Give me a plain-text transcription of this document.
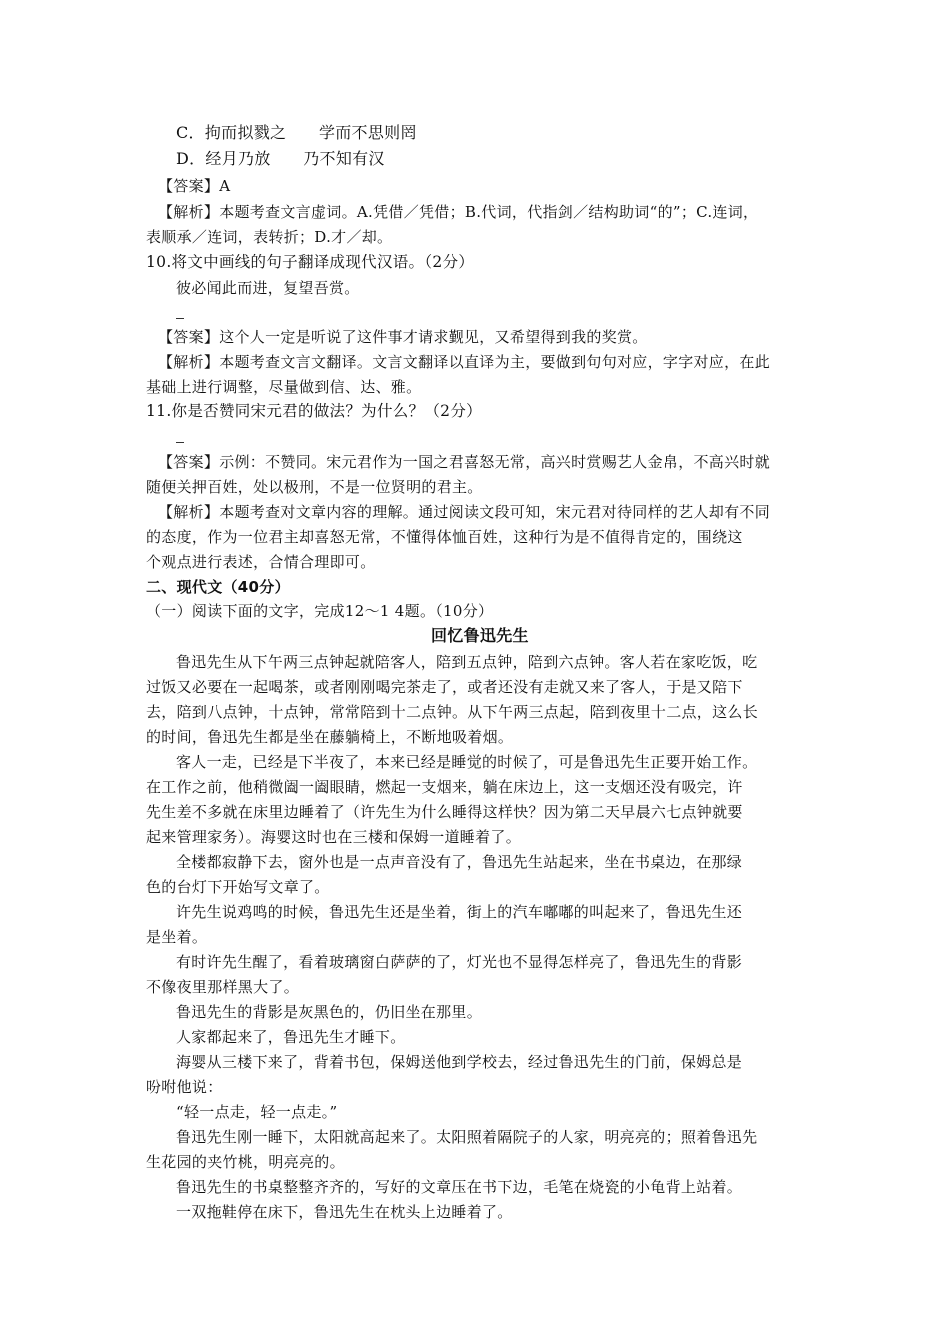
C．拘而拟戮之　　学而不思则罔
D．经月乃放　　乃不知有汉
【答案】A
【解析】本题考查文言虚词。A.凭借／凭借；B.代词，代指剑／结构助词“的”；C.连词，
表顺承／连词，表转折；D.才／却。
10.将文中画线的句子翻译成现代汉语。（2分）
彼必闻此而进，复望吾赏。
【答案】这个人一定是听说了这件事才请求觐见，又希望得到我的奖赏。
【解析】本题考查文言文翻译。文言文翻译以直译为主，要做到句句对应，字字对应，在此
基础上进行调整，尽量做到信、达、雅。
11.你是否赞同宋元君的做法？为什么？（2分）
【答案】示例：不赞同。宋元君作为一国之君喜怒无常，高兴时赏赐艺人金帛，不高兴时就
随便关押百姓，处以极刑，不是一位贤明的君主。
【解析】本题考查对文章内容的理解。通过阅读文段可知，宋元君对待同样的艺人却有不同
的态度，作为一位君主却喜怒无常，不懂得体恤百姓，这种行为是不值得肯定的，围绕这
个观点进行表述，合情合理即可。
二、现代文（40分）
（一）阅读下面的文字，完成12～1 4题。（10分）
回忆鲁迅先生
鲁迅先生从下午两三点钟起就陪客人，陪到五点钟，陪到六点钟。客人若在家吃饭，吃
过饭又必要在一起喝茶，或者刚刚喝完茶走了，或者还没有走就又来了客人，于是又陪下
去，陪到八点钟，十点钟，常常陪到十二点钟。从下午两三点起，陪到夜里十二点，这么长
的时间，鲁迅先生都是坐在藤躺椅上，不断地吸着烟。
客人一走，已经是下半夜了，本来已经是睡觉的时候了，可是鲁迅先生正要开始工作。
在工作之前，他稍微阖一阖眼睛，燃起一支烟来，躺在床边上，这一支烟还没有吸完，许
先生差不多就在床里边睡着了（许先生为什么睡得这样快？因为第二天早晨六七点钟就要
起来管理家务）。海婴这时也在三楼和保姆一道睡着了。
全楼都寂静下去，窗外也是一点声音没有了，鲁迅先生站起来，坐在书桌边，在那绿
色的台灯下开始写文章了。
许先生说鸡鸣的时候，鲁迅先生还是坐着，街上的汽车嘟嘟的叫起来了，鲁迅先生还
是坐着。
有时许先生醒了，看着玻璃窗白萨萨的了，灯光也不显得怎样亮了，鲁迅先生的背影
不像夜里那样黑大了。
鲁迅先生的背影是灰黑色的，仍旧坐在那里。
人家都起来了，鲁迅先生才睡下。
海婴从三楼下来了，背着书包，保姆送他到学校去，经过鲁迅先生的门前，保姆总是
吩咐他说：
“轻一点走，轻一点走。”
鲁迅先生刚一睡下，太阳就高起来了。太阳照着隔院子的人家，明亮亮的；照着鲁迅先
生花园的夹竹桃，明亮亮的。
鲁迅先生的书桌整整齐齐的，写好的文章压在书下边，毛笔在烧瓷的小龟背上站着。
一双拖鞋停在床下，鲁迅先生在枕头上边睡着了。
